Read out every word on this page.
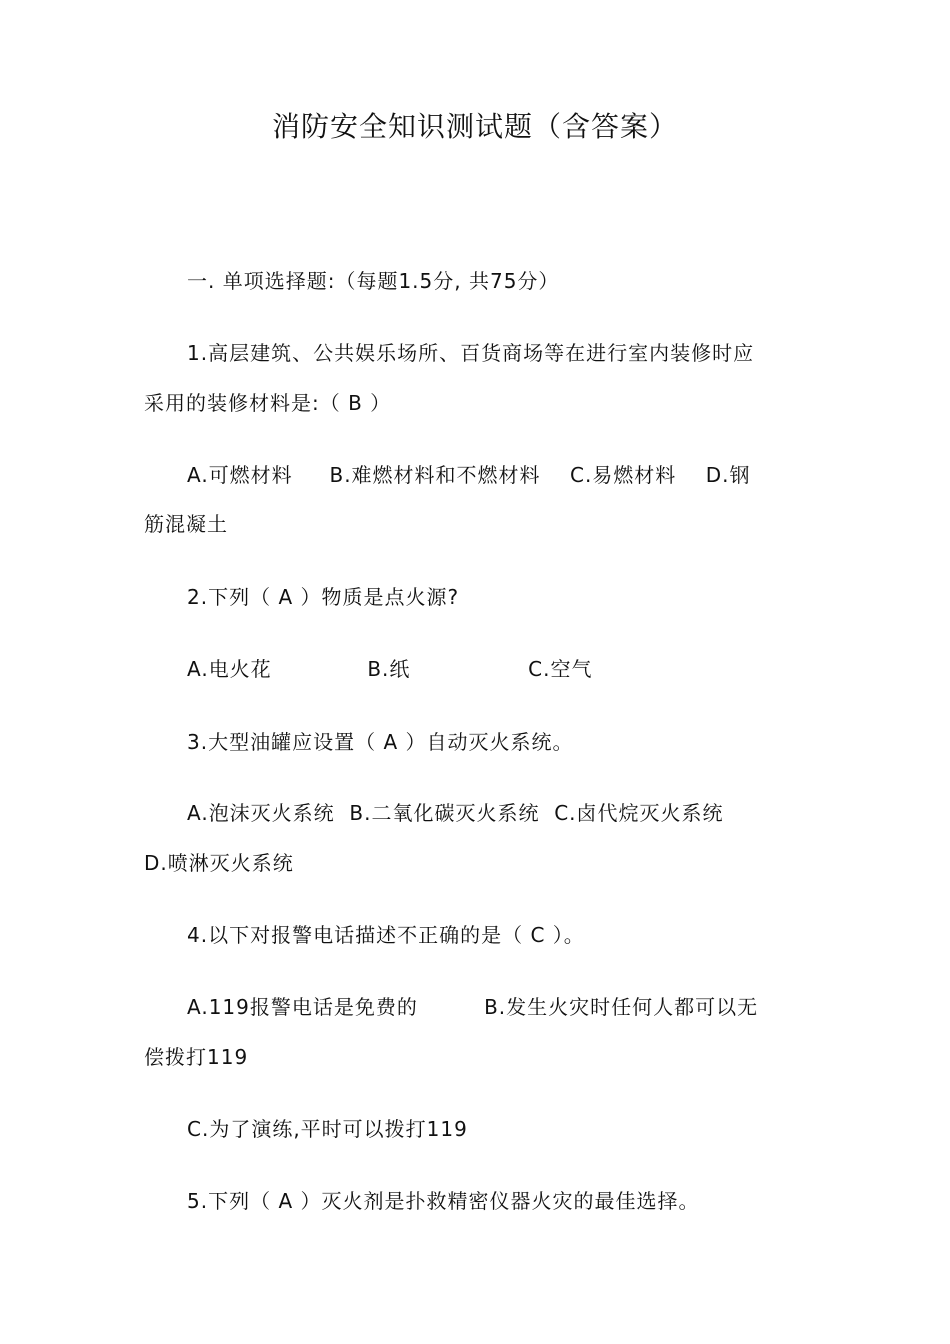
消防安全知识测试题（含答案）
一. 单项选择题:（每题1.5分, 共75分）
1.高层建筑、公共娱乐场所、百货商场等在进行室内装修时应
采用的装修材料是:（ B ）
A.可燃材料     B.难燃材料和不燃材料    C.易燃材料    D.钢
筋混凝土
2.下列（ A ）物质是点火源?
A.电火花             B.纸                C.空气
3.大型油罐应设置（ A ）自动灭火系统。
A.泡沫灭火系统  B.二氧化碳灭火系统  C.卤代烷灭火系统
D.喷淋灭火系统
4.以下对报警电话描述不正确的是（ C ）。
A.119报警电话是免费的         B.发生火灾时任何人都可以无
偿拨打119
C.为了演练,平时可以拨打119
5.下列（ A ）灭火剂是扑救精密仪器火灾的最佳选择。
